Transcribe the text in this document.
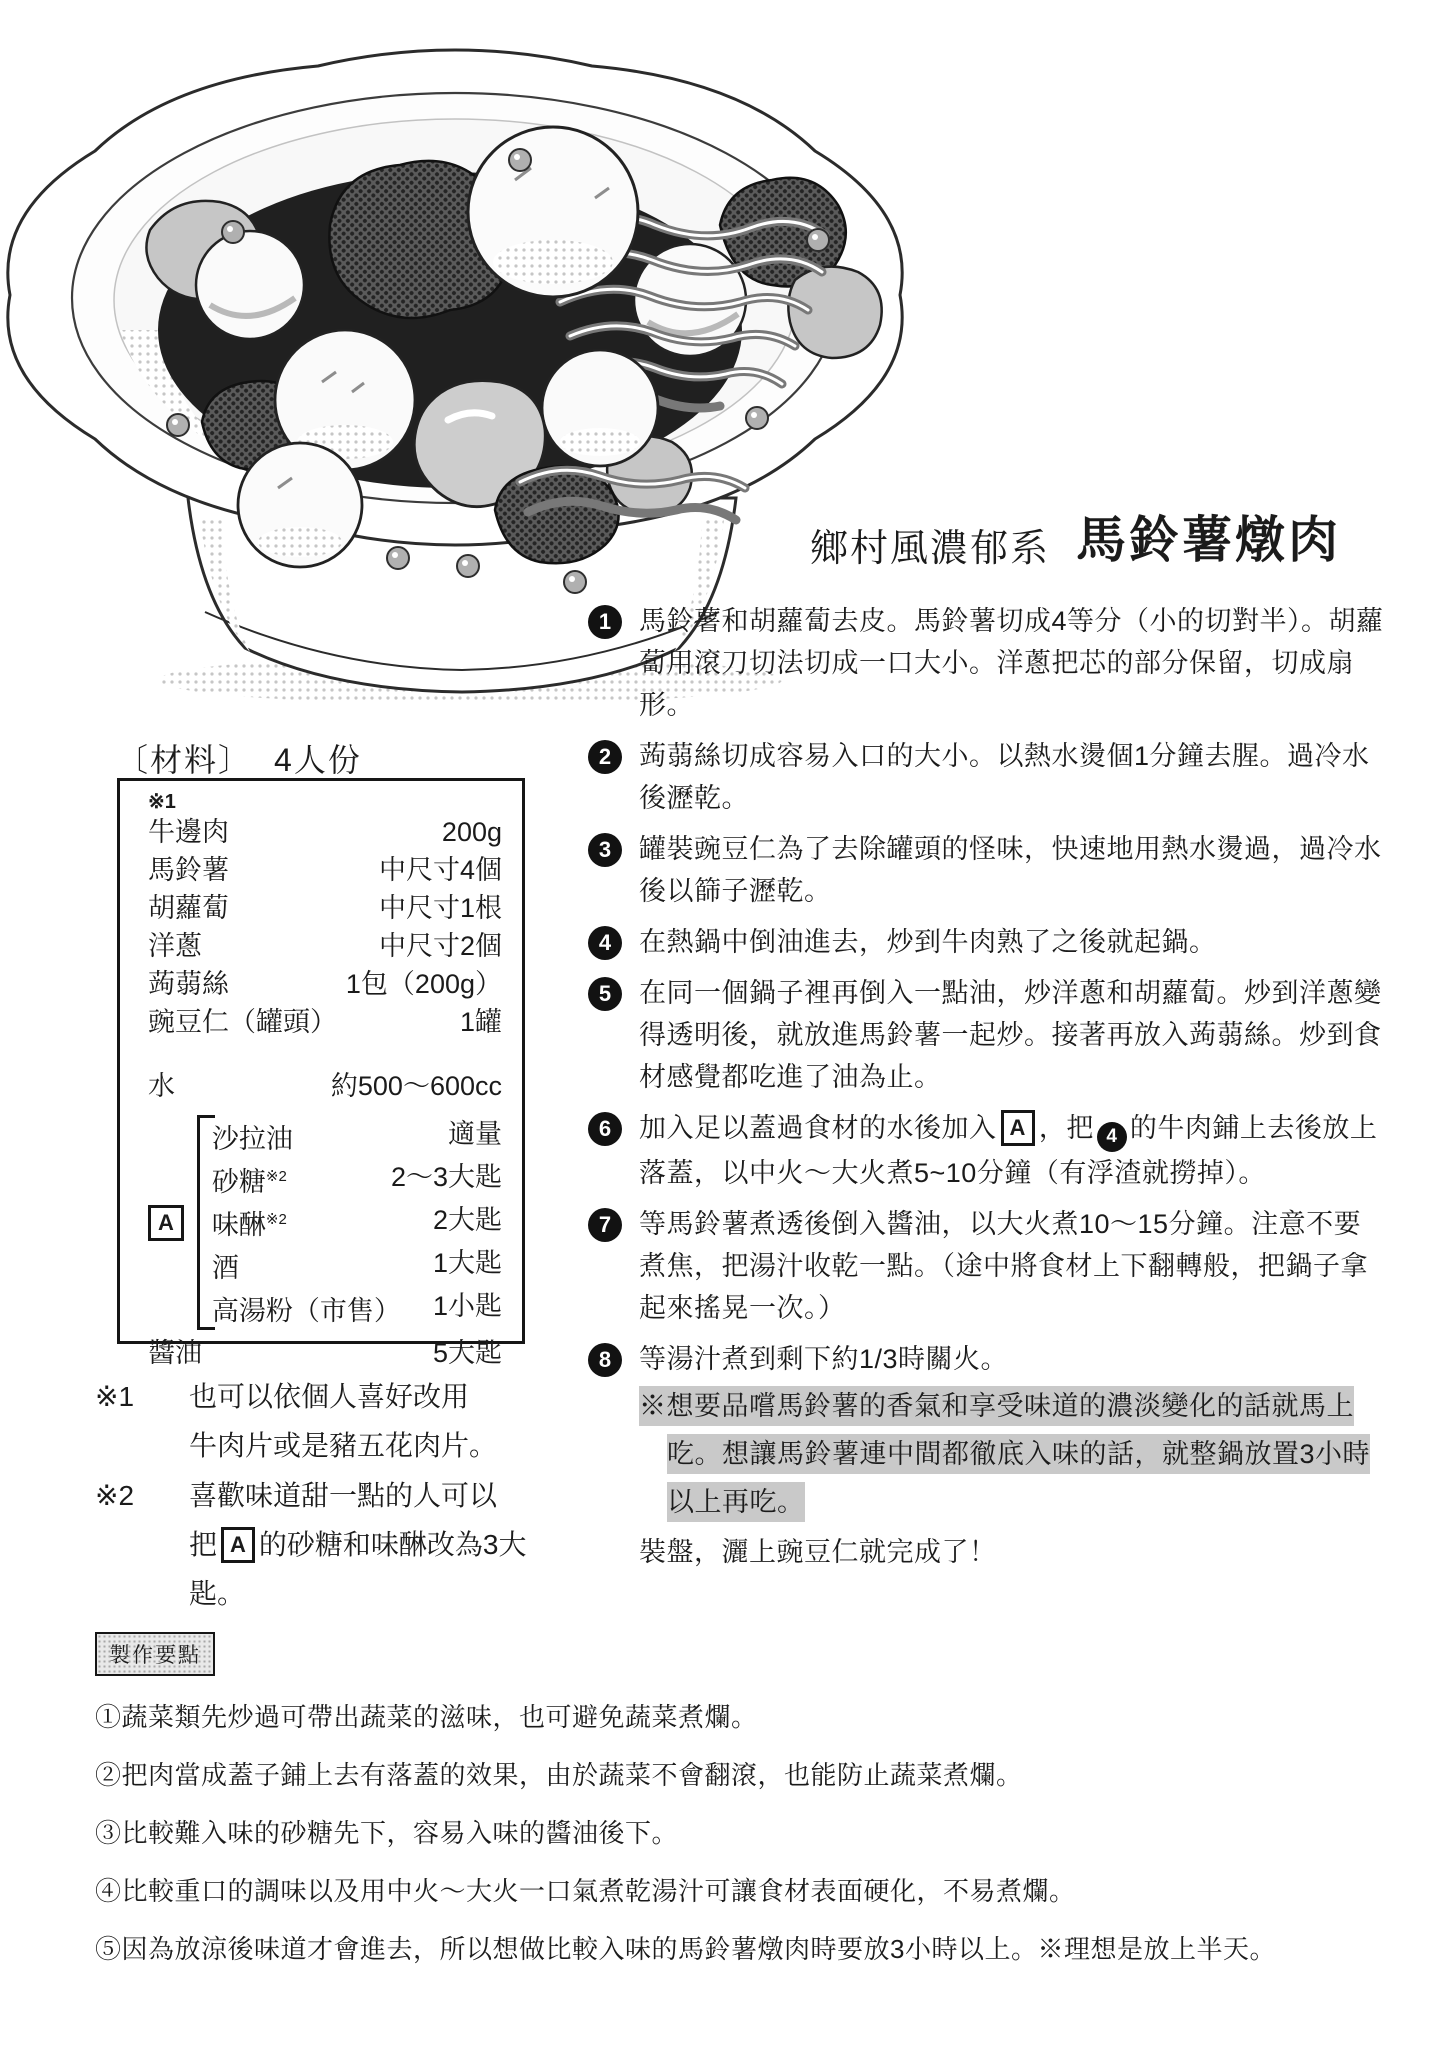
鄉村風濃郁系 馬鈴薯燉肉
〔材料〕 4人份
※1
牛邊肉	200g
馬鈴薯	中尺寸4個
胡蘿蔔	中尺寸1根
洋蔥	中尺寸2個
蒟蒻絲	1包（200g）
豌豆仁（罐頭）	1罐
水	約500～600cc
A
沙拉油	適量
砂糖$^{※2}$	2～3大匙
味醂$^{※2}$	2大匙
酒	1大匙
高湯粉（市售） 1小匙
醬油	5大匙
1	馬鈴薯和胡蘿蔔去皮。馬鈴薯切成4等分（小的切對半）。胡蘿蔔用滾刀切法切成一口大小。洋蔥把芯的部分保留，切成扇形。
2	蒟蒻絲切成容易入口的大小。以熱水燙個1分鐘去腥。過冷水後瀝乾。
3	罐裝豌豆仁為了去除罐頭的怪味，快速地用熱水燙過，過冷水後以篩子瀝乾。
4	在熱鍋中倒油進去，炒到牛肉熟了之後就起鍋。
5	在同一個鍋子裡再倒入一點油，炒洋蔥和胡蘿蔔。炒到洋蔥變得透明後，就放進馬鈴薯一起炒。接著再放入蒟蒻絲。炒到食材感覺都吃進了油為止。
6	加入足以蓋過食材的水後加入 A ，把 4 的牛肉鋪上去後放上落蓋，以中火～大火煮5~10分鐘（有浮渣就撈掉）。
7	等馬鈴薯煮透後倒入醬油，以大火煮10～15分鐘。注意不要煮焦，把湯汁收乾一點。（途中將食材上下翻轉般，把鍋子拿起來搖晃一次。）
8	等湯汁煮到剩下約1/3時關火。
※想要品嚐馬鈴薯的香氣和享受味道的濃淡變化的話就馬上吃。想讓馬鈴薯連中間都徹底入味的話，就整鍋放置3小時以上再吃。
裝盤，灑上豌豆仁就完成了！
※1	也可以依個人喜好改用
牛肉片或是豬五花肉片。
※2	喜歡味道甜一點的人可以
把 A 的砂糖和味醂改為3大匙。
製作要點
①蔬菜類先炒過可帶出蔬菜的滋味，也可避免蔬菜煮爛。
②把肉當成蓋子鋪上去有落蓋的效果，由於蔬菜不會翻滾，也能防止蔬菜煮爛。
③比較難入味的砂糖先下，容易入味的醬油後下。
④比較重口的調味以及用中火～大火一口氣煮乾湯汁可讓食材表面硬化，不易煮爛。
⑤因為放涼後味道才會進去，所以想做比較入味的馬鈴薯燉肉時要放3小時以上。※理想是放上半天。
